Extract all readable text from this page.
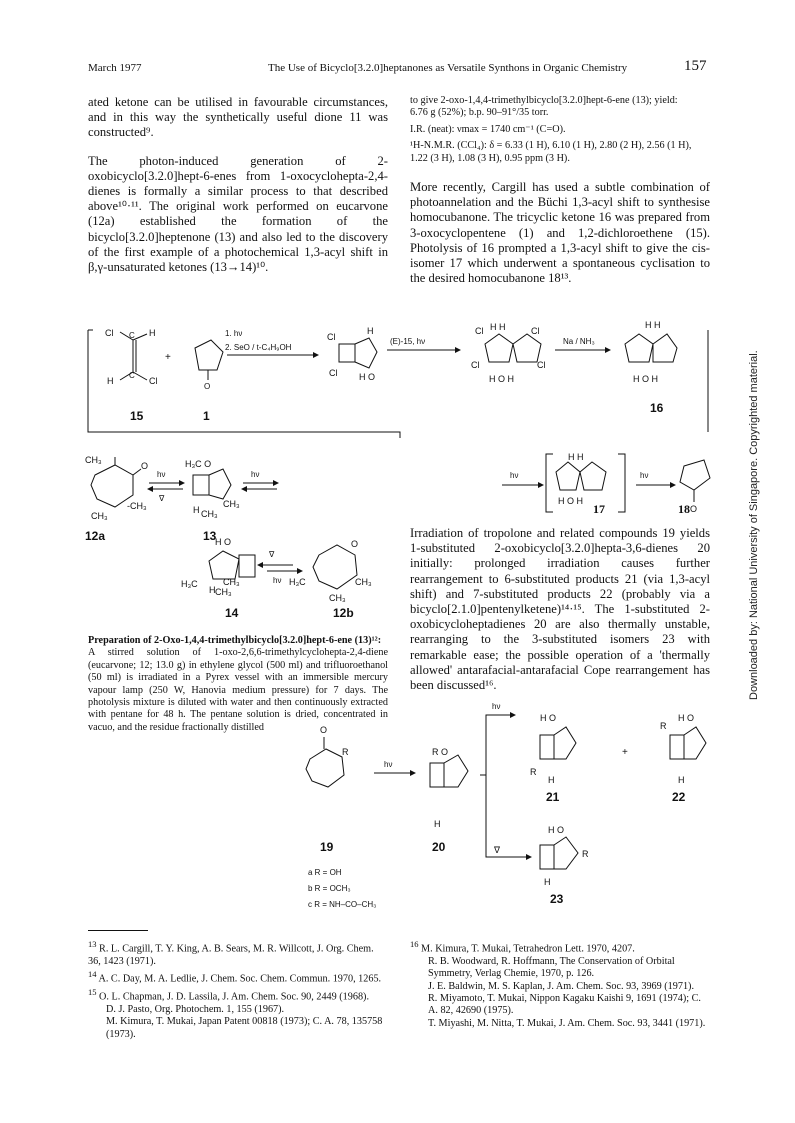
March 1977	The Use of Bicyclo[3.2.0]heptanones as Versatile Synthons in Organic Chemistry	157

ated ketone can be utilised in favourable circumstances, and in this way the synthetically useful dione 11 was constructed⁹.

The photon-induced generation of 2-oxobicyclo[3.2.0]hept-6-enes from 1-oxocyclohepta-2,4-dienes is formally a similar process to that described above¹⁰·¹¹. The original work performed on eucarvone (12a) established the formation of the bicyclo[3.2.0]heptenone (13) and also led to the discovery of the first example of a photochemical 1,3-acyl shift in β,γ-unsaturated ketones (13→14)¹⁰.

to give 2-oxo-1,4,4-trimethylbicyclo[3.2.0]hept-6-ene (13); yield:

6.76 g (52%); b.p. 90–91°/35 torr.

I.R. (neat): νmax = 1740 cm⁻¹ (C=O).

¹H-N.M.R. (CCl₄): δ = 6.33 (1 H), 6.10 (1 H), 2.80 (2 H), 2.56 (1 H),

1.22 (3 H), 1.08 (3 H), 0.95 ppm (3 H).

More recently, Cargill has used a subtle combination of photoannelation and the Büchi 1,3-acyl shift to synthesise homocubanone. The tricyclic ketone 16 was prepared from 3-oxocyclopentene (1) and 1,2-dichloroethene (15). Photolysis of 16 prompted a 1,3-acyl shift to give the cis-isomer 17 which underwent a spontaneous cyclisation to the desired homocubanone 18¹³.
Cl	H
C
C
H	Cl
+
O
15	1
1. hν
2. SeO / t-C₄H₉OH
Cl
H
Cl H O
(E)-15, hν
Cl H H	Cl
Cl	Cl
H O H
Na / NH₃
H H
H O H
16
CH₃
O
-CH₃
CH₃
12a
hν
∇
H₃C O
H CH₃
CH₃
13
hν
H O
H₃C
H
CH₃
CH₃
14
∇
hν
O
H₃C	CH₃
CH₃
12b
hν
H H
H O H
hν
O
17	18

Preparation of 2-Oxo-1,4,4-trimethylbicyclo[3.2.0]hept-6-ene (13)¹²:

A stirred solution of 1-oxo-2,6,6-trimethylcyclohepta-2,4-diene (eucarvone; 12; 13.0 g) in ethylene glycol (500 ml) and trifluoroethanol (50 ml) is irradiated in a Pyrex vessel with an immersible mercury vapour lamp (250 W, Hanovia medium pressure) for 7 days. The photolysis mixture is diluted with water and then continuously extracted with pentane for 48 h. The pentane solution is dried, concentrated in vacuo, and the residue fractionally distilled

Irradiation of tropolone and related compounds 19 yields 1-substituted 2-oxobicyclo[3.2.0]hepta-3,6-dienes 20 initially: prolonged irradiation causes further rearrangement to 6-substituted products 21 (via 1,3-acyl shift) and 7-substituted products 22 (probably via a bicyclo[2.1.0]pentenylketene)¹⁴·¹⁵. The 1-substituted 2-oxobicycloheptadienes 20 are also thermally unstable, rearranging to the 3-substituted isomers 23 with remarkable ease; the possible operation of a 'thermally allowed' antarafacial-antarafacial Cope rearrangement has been discussed¹⁶.
O
R
19
hν
R O
H
20
hν
∇
H O
R
H
21
+
R
H O
H
22
H O
R
H
23
a R = OH
b R = OCH₃
c R = NH–CO–CH₃

$^{13}$ R. L. Cargill, T. Y. King, A. B. Sears, M. R. Willcott, J. Org. Chem. 36, 1423 (1971).

$^{14}$ A. C. Day, M. A. Ledlie, J. Chem. Soc. Chem. Commun. 1970, 1265.

$^{15}$ O. L. Chapman, J. D. Lassila, J. Am. Chem. Soc. 90, 2449 (1968).

D. J. Pasto, Org. Photochem. 1, 155 (1967).

M. Kimura, T. Mukai, Japan Patent 00818 (1973); C. A. 78, 135758 (1973).

$^{16}$ M. Kimura, T. Mukai, Tetrahedron Lett. 1970, 4207.

R. B. Woodward, R. Hoffmann, The Conservation of Orbital Symmetry, Verlag Chemie, 1970, p. 126.

J. E. Baldwin, M. S. Kaplan, J. Am. Chem. Soc. 93, 3969 (1971).

R. Miyamoto, T. Mukai, Nippon Kagaku Kaishi 9, 1691 (1974); C. A. 82, 42690 (1975).

T. Miyashi, M. Nitta, T. Mukai, J. Am. Chem. Soc. 93, 3441 (1971).

Downloaded by: National University of Singapore. Copyrighted material.
